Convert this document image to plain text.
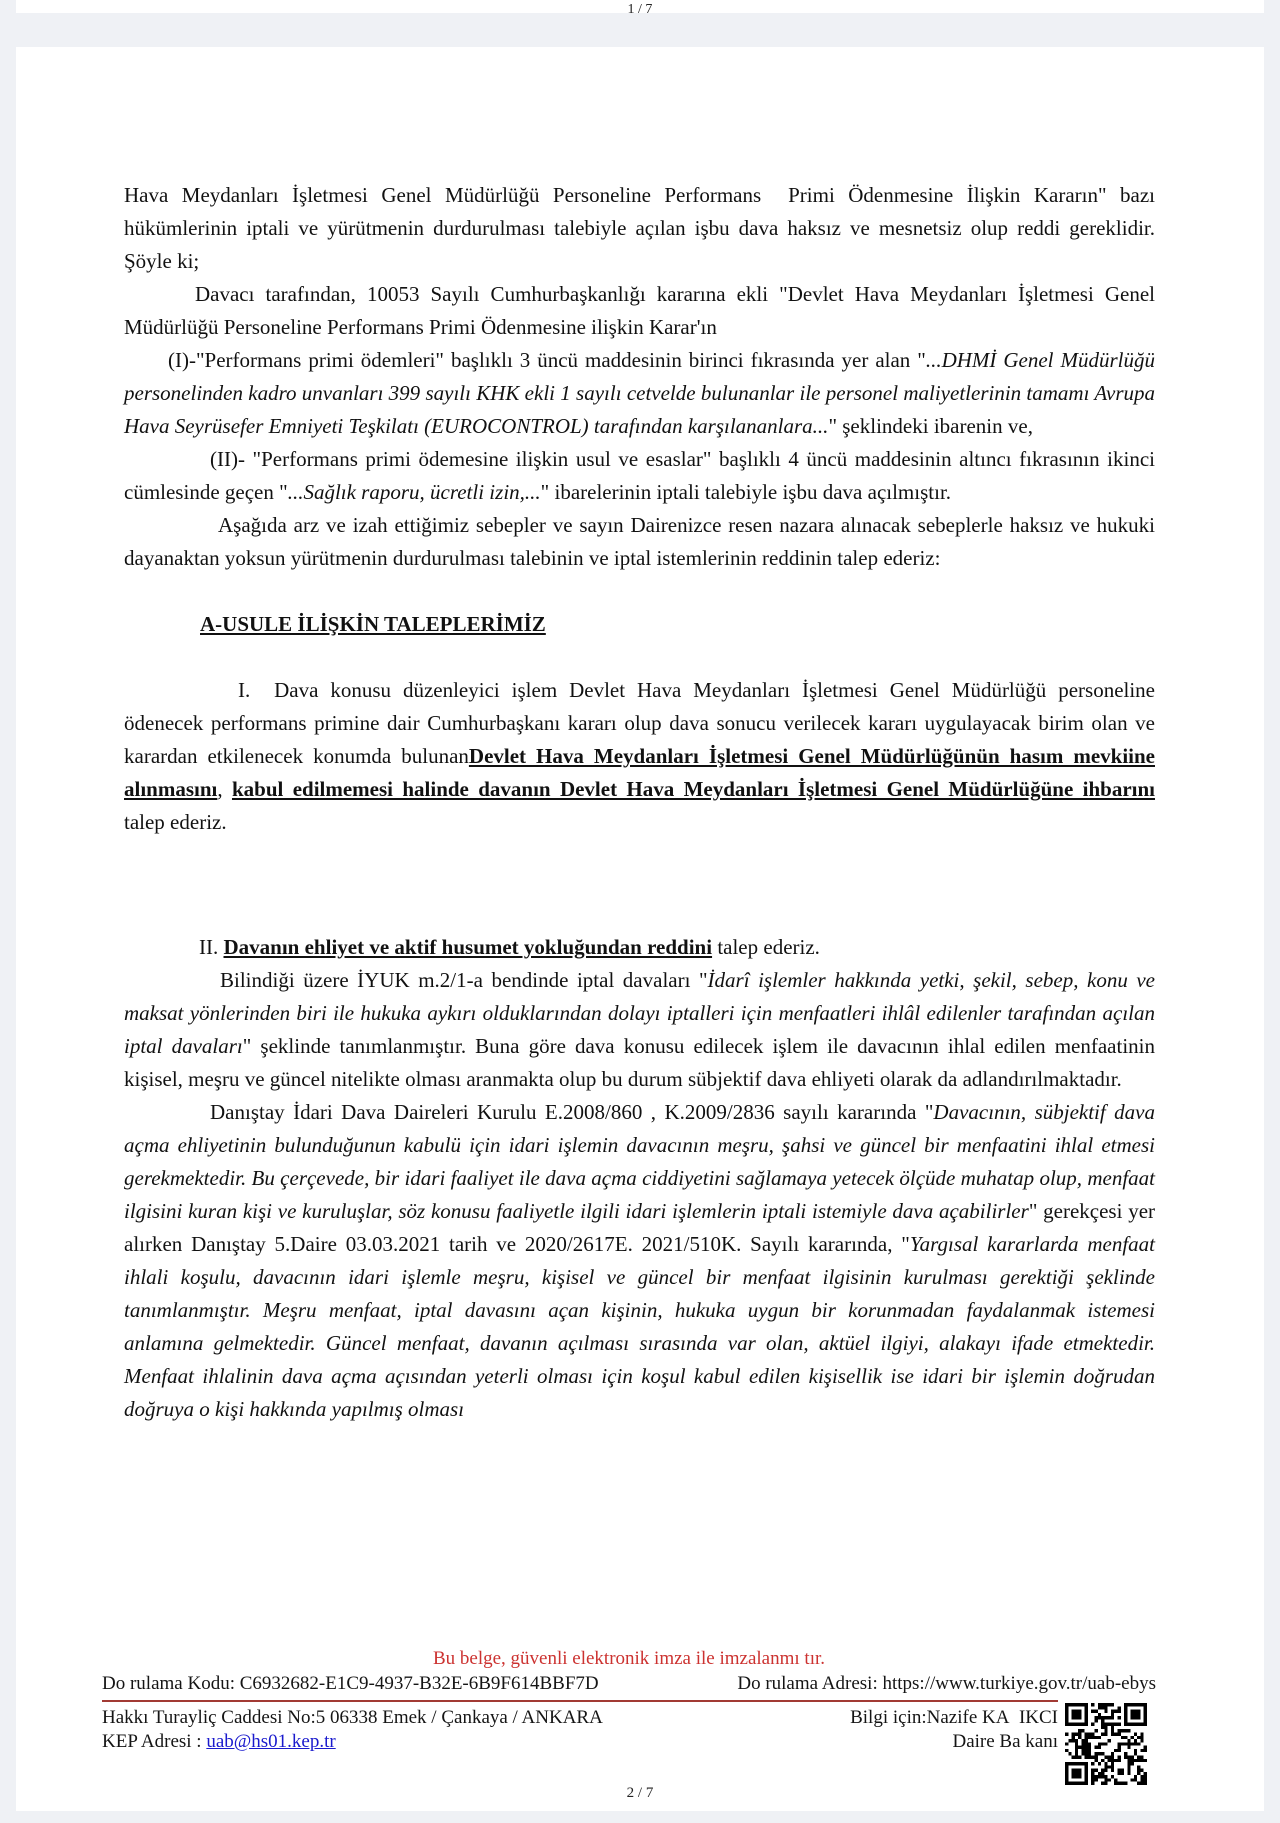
1 / 7

Hava Meydanları İşletmesi Genel Müdürlüğü Personeline Performans  Primi Ödenmesine İlişkin Kararın" bazı hükümlerinin iptali ve yürütmenin durdurulması talebiyle açılan işbu dava haksız ve mesnetsiz olup reddi gereklidir. Şöyle ki;

Davacı tarafından, 10053 Sayılı Cumhurbaşkanlığı kararına ekli "Devlet Hava Meydanları İşletmesi Genel Müdürlüğü Personeline Performans Primi Ödenmesine ilişkin Karar'ın

(I)-"Performans primi ödemleri" başlıklı 3 üncü maddesinin birinci fıkrasında yer alan "...DHMİ Genel Müdürlüğü personelinden kadro unvanları 399 sayılı KHK ekli 1 sayılı cetvelde bulunanlar ile personel maliyetlerinin tamamı Avrupa Hava Seyrüsefer Emniyeti Teşkilatı (EUROCONTROL) tarafından karşılananlara..." şeklindeki ibarenin ve,

(II)- "Performans primi ödemesine ilişkin usul ve esaslar" başlıklı 4 üncü maddesinin altıncı fıkrasının ikinci cümlesinde geçen "...Sağlık raporu, ücretli izin,..." ibarelerinin iptali talebiyle işbu dava açılmıştır.

Aşağıda arz ve izah ettiğimiz sebepler ve sayın Dairenizce resen nazara alınacak sebeplerle haksız ve hukuki dayanaktan yoksun yürütmenin durdurulması talebinin ve iptal istemlerinin reddinin talep ederiz:

A-USULE İLİŞKİN TALEPLERİMİZ

I.  Dava konusu düzenleyici işlem Devlet Hava Meydanları İşletmesi Genel Müdürlüğü personeline ödenecek performans primine dair Cumhurbaşkanı kararı olup dava sonucu verilecek kararı uygulayacak birim olan ve karardan etkilenecek konumda bulunanDevlet Hava Meydanları İşletmesi Genel Müdürlüğünün hasım mevkiine alınmasını, kabul edilmemesi halinde davanın Devlet Hava Meydanları İşletmesi Genel Müdürlüğüne ihbarını talep ederiz.

II. Davanın ehliyet ve aktif husumet yokluğundan reddini talep ederiz.

Bilindiği üzere İYUK m.2/1-a bendinde iptal davaları "İdarî işlemler hakkında yetki, şekil, sebep, konu ve maksat yönlerinden biri ile hukuka aykırı olduklarından dolayı iptalleri için menfaatleri ihlâl edilenler tarafından açılan iptal davaları" şeklinde tanımlanmıştır. Buna göre dava konusu edilecek işlem ile davacının ihlal edilen menfaatinin kişisel, meşru ve güncel nitelikte olması aranmakta olup bu durum sübjektif dava ehliyeti olarak da adlandırılmaktadır.

Danıştay İdari Dava Daireleri Kurulu E.2008/860 , K.2009/2836 sayılı kararında "Davacının, sübjektif dava açma ehliyetinin bulunduğunun kabulü için idari işlemin davacının meşru, şahsi ve güncel bir menfaatini ihlal etmesi gerekmektedir. Bu çerçevede, bir idari faaliyet ile dava açma ciddiyetini sağlamaya yetecek ölçüde muhatap olup, menfaat ilgisini kuran kişi ve kuruluşlar, söz konusu faaliyetle ilgili idari işlemlerin iptali istemiyle dava açabilirler" gerekçesi yer alırken Danıştay 5.Daire 03.03.2021 tarih ve 2020/2617E. 2021/510K. Sayılı kararında, "Yargısal kararlarda menfaat ihlali koşulu, davacının idari işlemle meşru, kişisel ve güncel bir menfaat ilgisinin kurulması gerektiği şeklinde tanımlanmıştır. Meşru menfaat, iptal davasını açan kişinin, hukuka uygun bir korunmadan faydalanmak istemesi anlamına gelmektedir. Güncel menfaat, davanın açılması sırasında var olan, aktüel ilgiyi, alakayı ifade etmektedir. Menfaat ihlalinin dava açma açısından yeterli olması için koşul kabul edilen kişisellik ise idari bir işlemin doğrudan doğruya o kişi hakkında yapılmış olması

Bu belge, güvenli elektronik imza ile imzalanmı tır.
Do rulama Kodu: C6932682-E1C9-4937-B32E-6B9F614BBF7D	Do rulama Adresi: https://www.turkiye.gov.tr/uab-ebys
Hakkı Turayliç Caddesi No:5 06338 Emek / Çankaya / ANKARA
KEP Adresi : uab@hs01.kep.tr
Bilgi için:Nazife KA  IKCI
Daire Ba kanı
2 / 7
